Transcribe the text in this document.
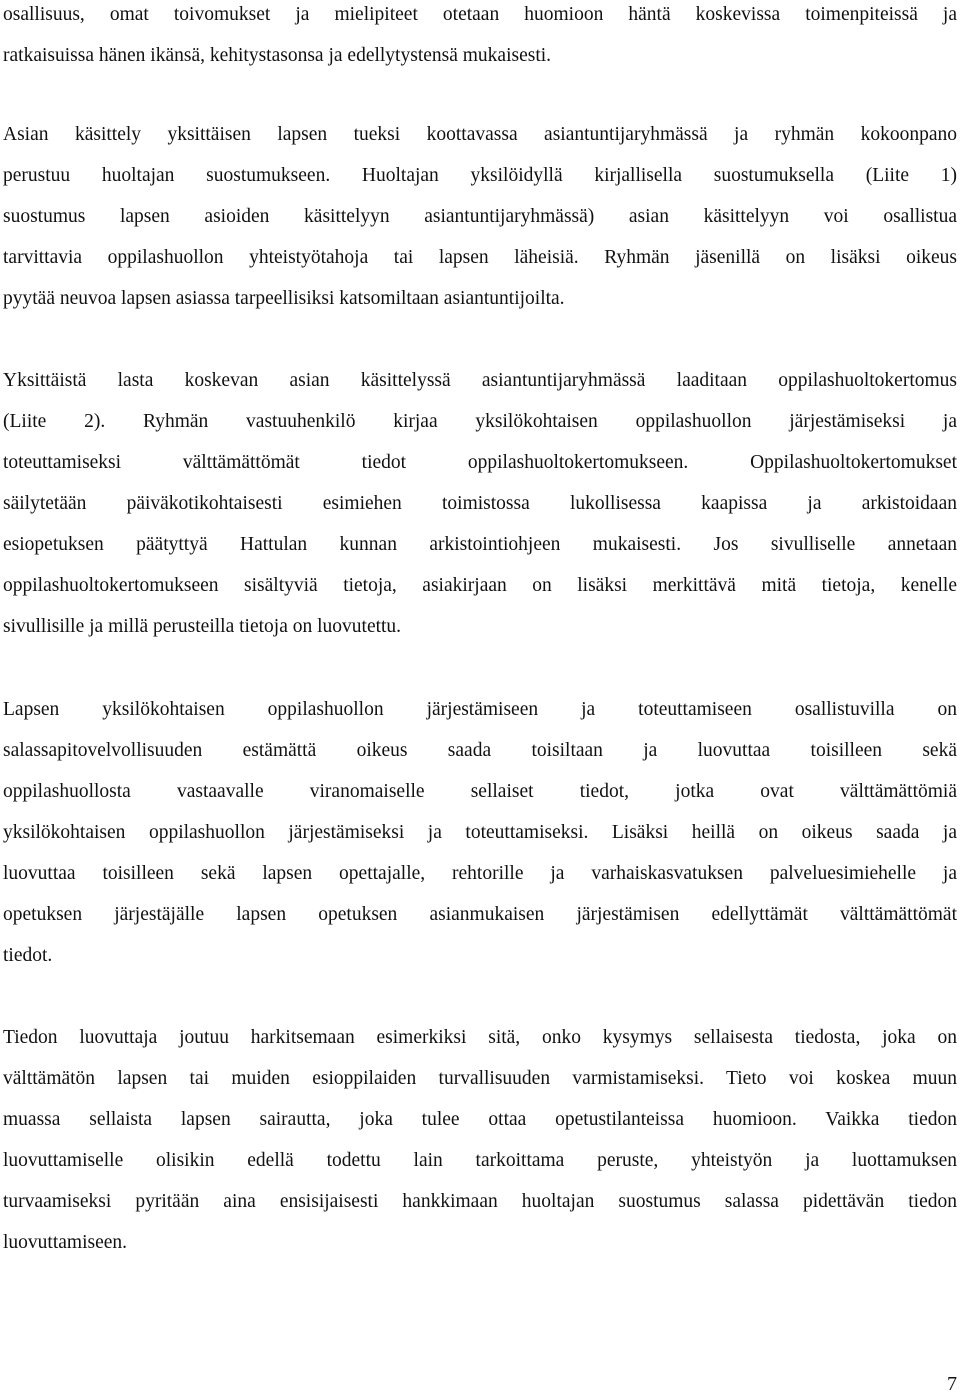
osallisuus, omat toivomukset ja mielipiteet otetaan huomioon häntä koskevissa toimenpiteissä ja
ratkaisuissa hänen ikänsä, kehitystasonsa ja edellytystensä mukaisesti.
Asian käsittely yksittäisen lapsen tueksi koottavassa asiantuntijaryhmässä ja ryhmän kokoonpano
perustuu huoltajan suostumukseen. Huoltajan yksilöidyllä kirjallisella suostumuksella (Liite 1)
suostumus lapsen asioiden käsittelyyn asiantuntijaryhmässä) asian käsittelyyn voi osallistua
tarvittavia oppilashuollon yhteistyötahoja tai lapsen läheisiä. Ryhmän jäsenillä on lisäksi oikeus
pyytää neuvoa lapsen asiassa tarpeellisiksi katsomiltaan asiantuntijoilta.
Yksittäistä lasta koskevan asian käsittelyssä asiantuntijaryhmässä laaditaan oppilashuoltokertomus
(Liite 2). Ryhmän vastuuhenkilö kirjaa yksilökohtaisen oppilashuollon järjestämiseksi ja
toteuttamiseksi välttämättömät tiedot oppilashuoltokertomukseen. Oppilashuoltokertomukset
säilytetään päiväkotikohtaisesti esimiehen toimistossa lukollisessa kaapissa ja arkistoidaan
esiopetuksen päätyttyä Hattulan kunnan arkistointiohjeen mukaisesti. Jos sivulliselle annetaan
oppilashuoltokertomukseen sisältyviä tietoja, asiakirjaan on lisäksi merkittävä mitä tietoja, kenelle
sivullisille ja millä perusteilla tietoja on luovutettu.
Lapsen yksilökohtaisen oppilashuollon järjestämiseen ja toteuttamiseen osallistuvilla on
salassapitovelvollisuuden estämättä oikeus saada toisiltaan ja luovuttaa toisilleen sekä
oppilashuollosta vastaavalle viranomaiselle sellaiset tiedot, jotka ovat välttämättömiä
yksilökohtaisen oppilashuollon järjestämiseksi ja toteuttamiseksi. Lisäksi heillä on oikeus saada ja
luovuttaa toisilleen sekä lapsen opettajalle, rehtorille ja varhaiskasvatuksen palveluesimiehelle ja
opetuksen järjestäjälle lapsen opetuksen asianmukaisen järjestämisen edellyttämät välttämättömät
tiedot.
Tiedon luovuttaja joutuu harkitsemaan esimerkiksi sitä, onko kysymys sellaisesta tiedosta, joka on
välttämätön lapsen tai muiden esioppilaiden turvallisuuden varmistamiseksi. Tieto voi koskea muun
muassa sellaista lapsen sairautta, joka tulee ottaa opetustilanteissa huomioon. Vaikka tiedon
luovuttamiselle olisikin edellä todettu lain tarkoittama peruste, yhteistyön ja luottamuksen
turvaamiseksi pyritään aina ensisijaisesti hankkimaan huoltajan suostumus salassa pidettävän tiedon
luovuttamiseen.
7
